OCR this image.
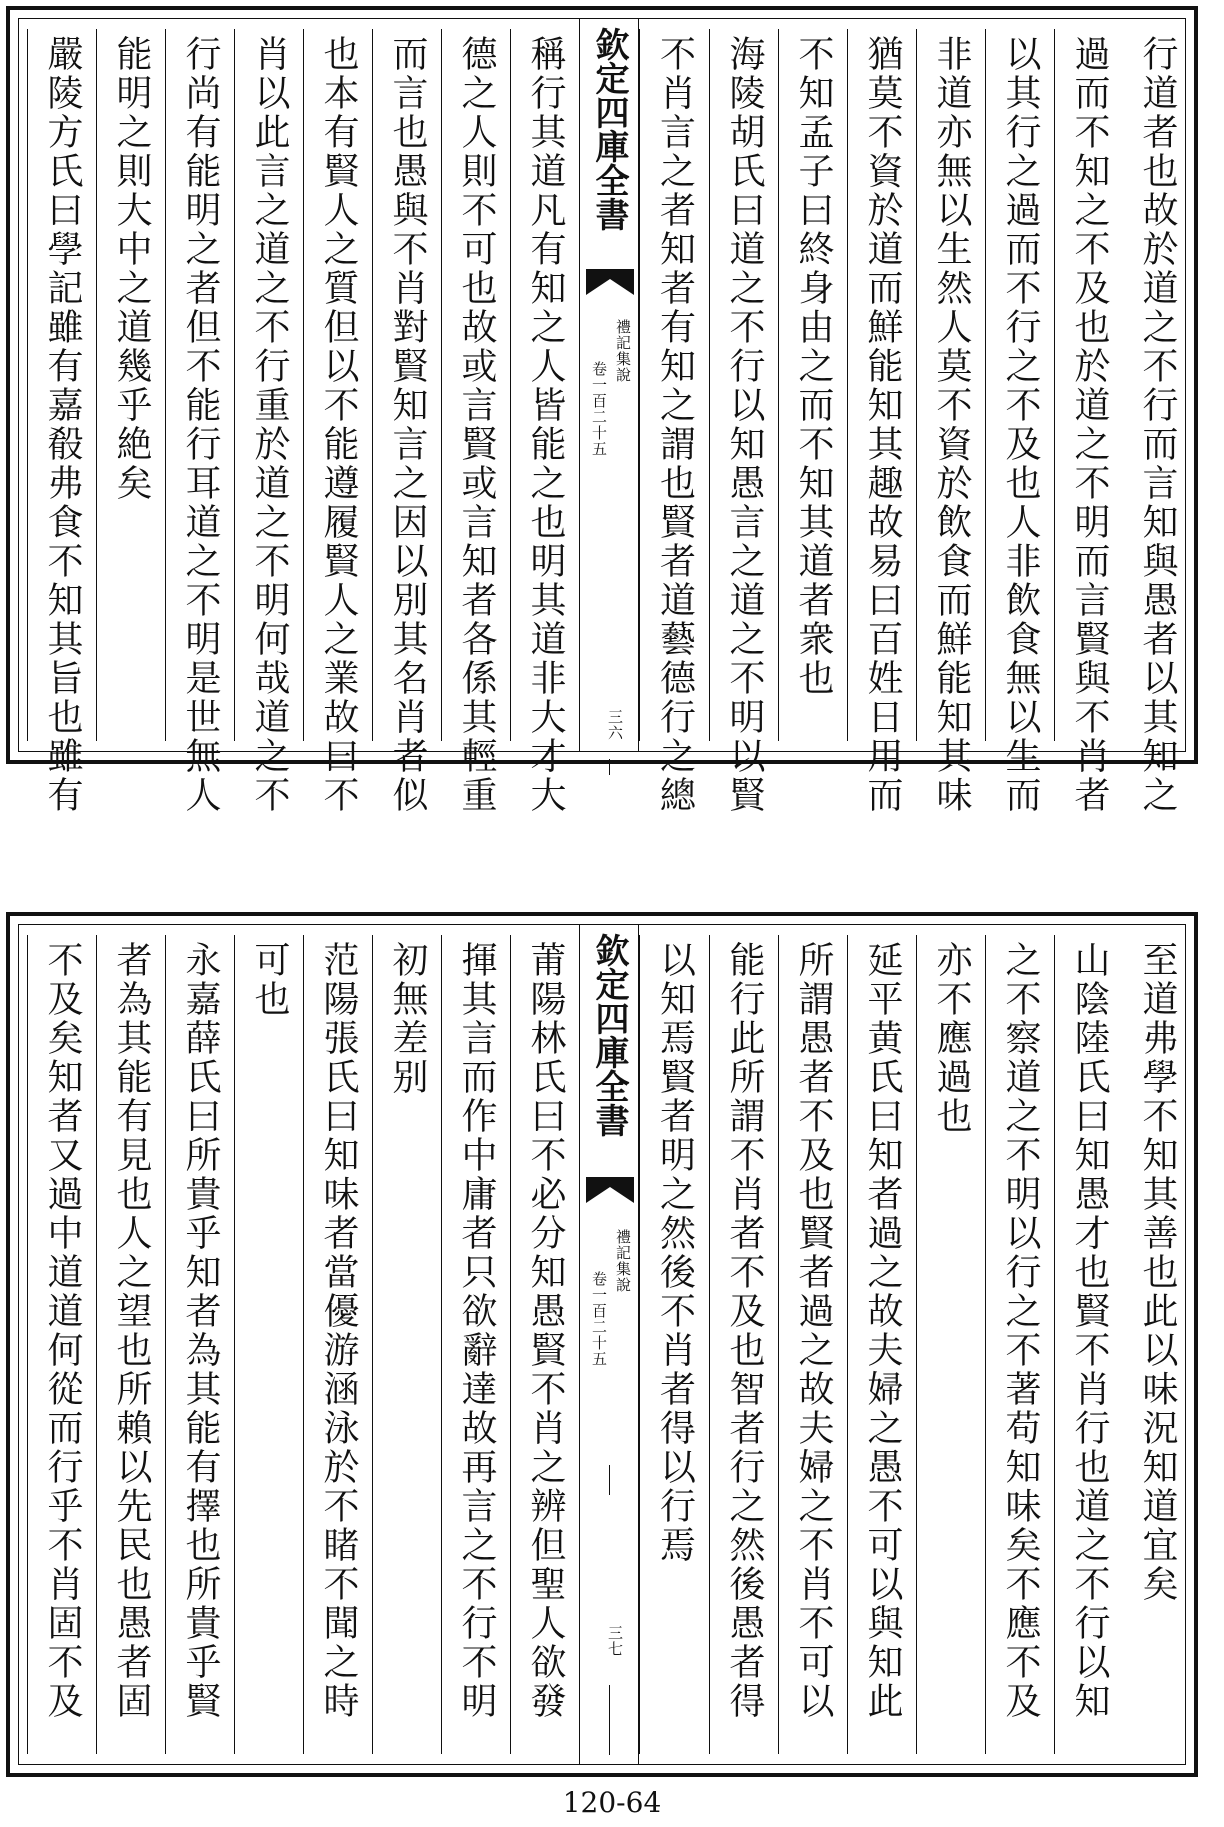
行道者也故於道之不行而言知與愚者以其知之
過而不知之不及也於道之不明而言賢與不肖者
以其行之過而不行之不及也人非飲食無以生而
非道亦無以生然人莫不資於飲食而鮮能知其味
猶莫不資於道而鮮能知其趣故易曰百姓日用而
不知孟子曰終身由之而不知其道者衆也
海陵胡氏曰道之不行以知愚言之道之不明以賢
不肖言之者知者有知之謂也賢者道藝德行之總
欽定四庫全書
禮記集說
卷一百二十五
三六
稱行其道凡有知之人皆能之也明其道非大才大
德之人則不可也故或言賢或言知者各係其輕重
而言也愚與不肖對賢知言之因以別其名肖者似
也本有賢人之質但以不能遵履賢人之業故曰不
肖以此言之道之不行重於道之不明何哉道之不
行尚有能明之者但不能行耳道之不明是世無人
能明之則大中之道幾乎絶矣
嚴陵方氏曰學記雖有嘉殽弗食不知其旨也雖有
至道弗學不知其善也此以味況知道宜矣
山陰陸氏曰知愚才也賢不肖行也道之不行以知
之不察道之不明以行之不著苟知味矣不應不及
亦不應過也
延平黄氏曰知者過之故夫婦之愚不可以與知此
所謂愚者不及也賢者過之故夫婦之不肖不可以
能行此所謂不肖者不及也智者行之然後愚者得
以知焉賢者明之然後不肖者得以行焉
欽定四庫全書
禮記集說
卷一百二十五
三七
莆陽林氏曰不必分知愚賢不肖之辨但聖人欲發
揮其言而作中庸者只欲辭達故再言之不行不明
初無差别
范陽張氏曰知味者當優游涵泳於不睹不聞之時
可也
永嘉薛氏曰所貴乎知者為其能有擇也所貴乎賢
者為其能有見也人之望也所賴以先民也愚者固
不及矣知者又過中道道何從而行乎不肖固不及
120-64
